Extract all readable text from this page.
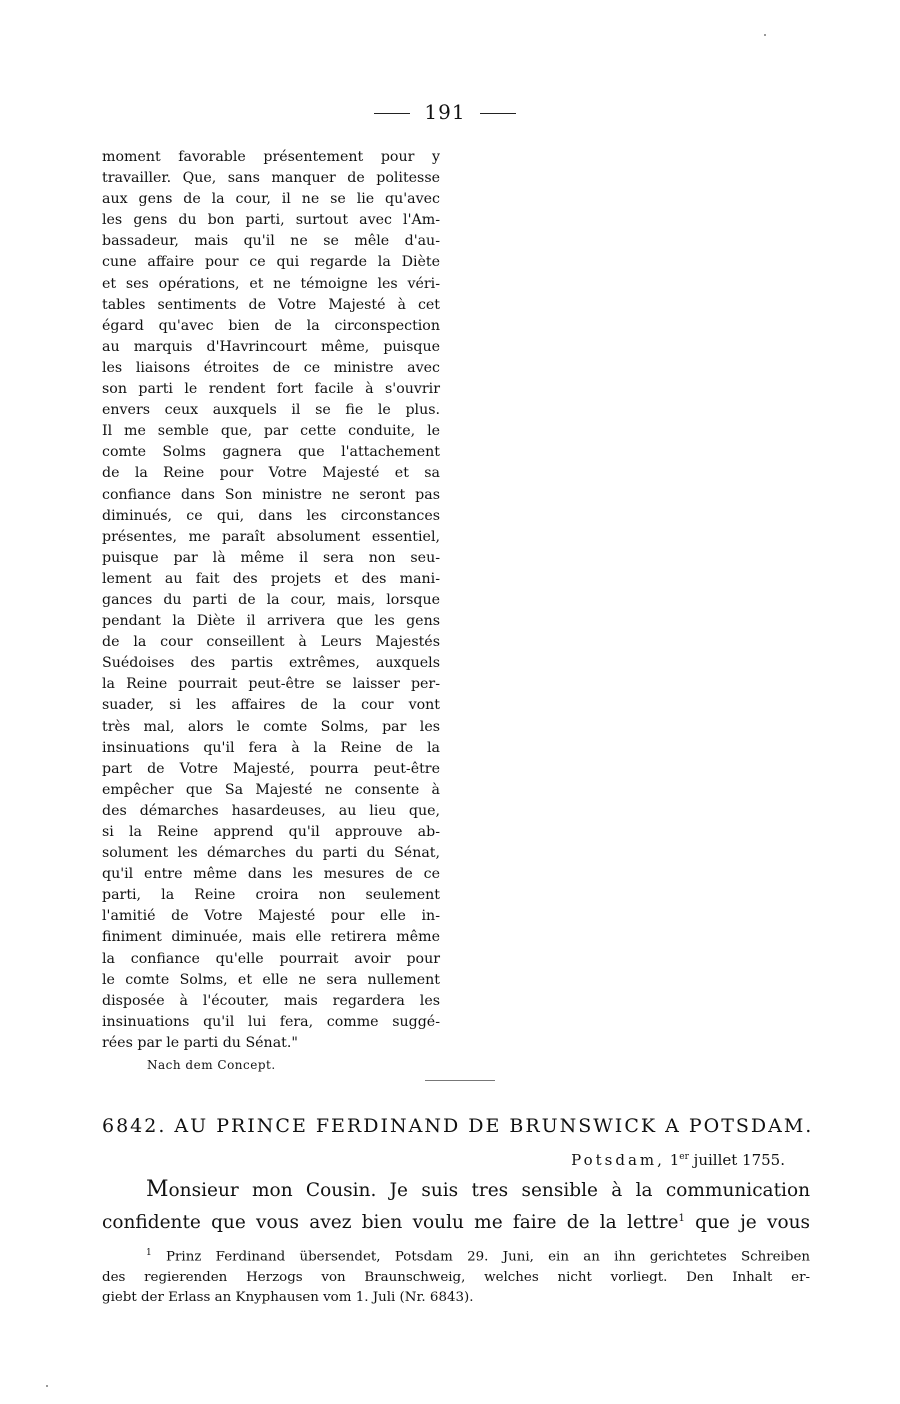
191
moment favorable présentement pour y
travailler. Que, sans manquer de politesse
aux gens de la cour, il ne se lie qu'avec
les gens du bon parti, surtout avec l'Am-
bassadeur, mais qu'il ne se mêle d'au-
cune affaire pour ce qui regarde la Diète
et ses opérations, et ne témoigne les véri-
tables sentiments de Votre Majesté à cet
égard qu'avec bien de la circonspection
au marquis d'Havrincourt même, puisque
les liaisons étroites de ce ministre avec
son parti le rendent fort facile à s'ouvrir
envers ceux auxquels il se fie le plus.
Il me semble que, par cette conduite, le
comte Solms gagnera que l'attachement
de la Reine pour Votre Majesté et sa
confiance dans Son ministre ne seront pas
diminués, ce qui, dans les circonstances
présentes, me paraît absolument essentiel,
puisque par là même il sera non seu-
lement au fait des projets et des mani-
gances du parti de la cour, mais, lorsque
pendant la Diète il arrivera que les gens
de la cour conseillent à Leurs Majestés
Suédoises des partis extrêmes, auxquels
la Reine pourrait peut-être se laisser per-
suader, si les affaires de la cour vont
très mal, alors le comte Solms, par les
insinuations qu'il fera à la Reine de la
part de Votre Majesté, pourra peut-être
empêcher que Sa Majesté ne consente à
des démarches hasardeuses, au lieu que,
si la Reine apprend qu'il approuve ab-
solument les démarches du parti du Sénat,
qu'il entre même dans les mesures de ce
parti, la Reine croira non seulement
l'amitié de Votre Majesté pour elle in-
finiment diminuée, mais elle retirera même
la confiance qu'elle pourrait avoir pour
le comte Solms, et elle ne sera nullement
disposée à l'écouter, mais regardera les
insinuations qu'il lui fera, comme suggé-
rées par le parti du Sénat."
Nach dem Concept.
6842. AU PRINCE FERDINAND DE BRUNSWICK A POTSDAM.
Potsdam, 1er juillet 1755.
Monsieur mon Cousin. Je suis tres sensible à la communication
confidente que vous avez bien voulu me faire de la lettre$^1$ que je vous
$^1$ Prinz Ferdinand übersendet, Potsdam 29. Juni, ein an ihn gerichtetes Schreiben
des regierenden Herzogs von Braunschweig, welches nicht vorliegt. Den Inhalt er-
giebt der Erlass an Knyphausen vom 1. Juli (Nr. 6843).
